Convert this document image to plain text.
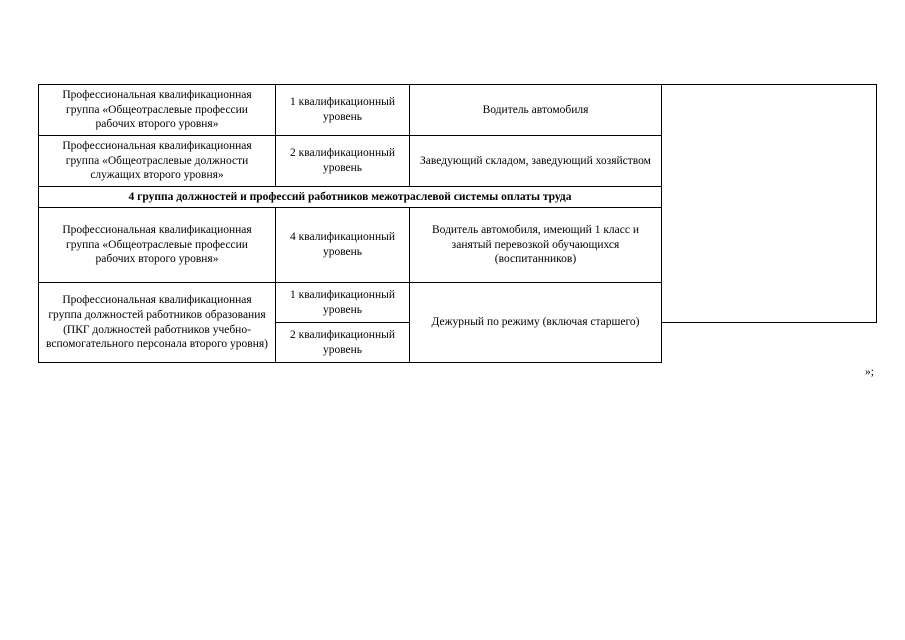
Профессиональная квалификационная группа «Общеотраслевые профессии рабочих второго уровня»	1 квалификационный уровень	Водитель автомобиля	
Профессиональная квалификационная группа «Общеотраслевые должности служащих второго уровня»	2 квалификационный уровень	Заведующий складом, заведующий хозяйством	
4 группа должностей и профессий работников межотраслевой системы оплаты труда			
Профессиональная квалификационная группа «Общеотраслевые профессии рабочих второго уровня»	4 квалификационный уровень	Водитель автомобиля, имеющий 1 класс и занятый перевозкой обучающихся (воспитанников)	
Профессиональная квалификационная группа должностей работников образования (ПКГ должностей работников учебно-вспомогательного персонала второго уровня)	1 квалификационный уровень	Дежурный по режиму (включая старшего)	
	2 квалификационный уровень		
»;
